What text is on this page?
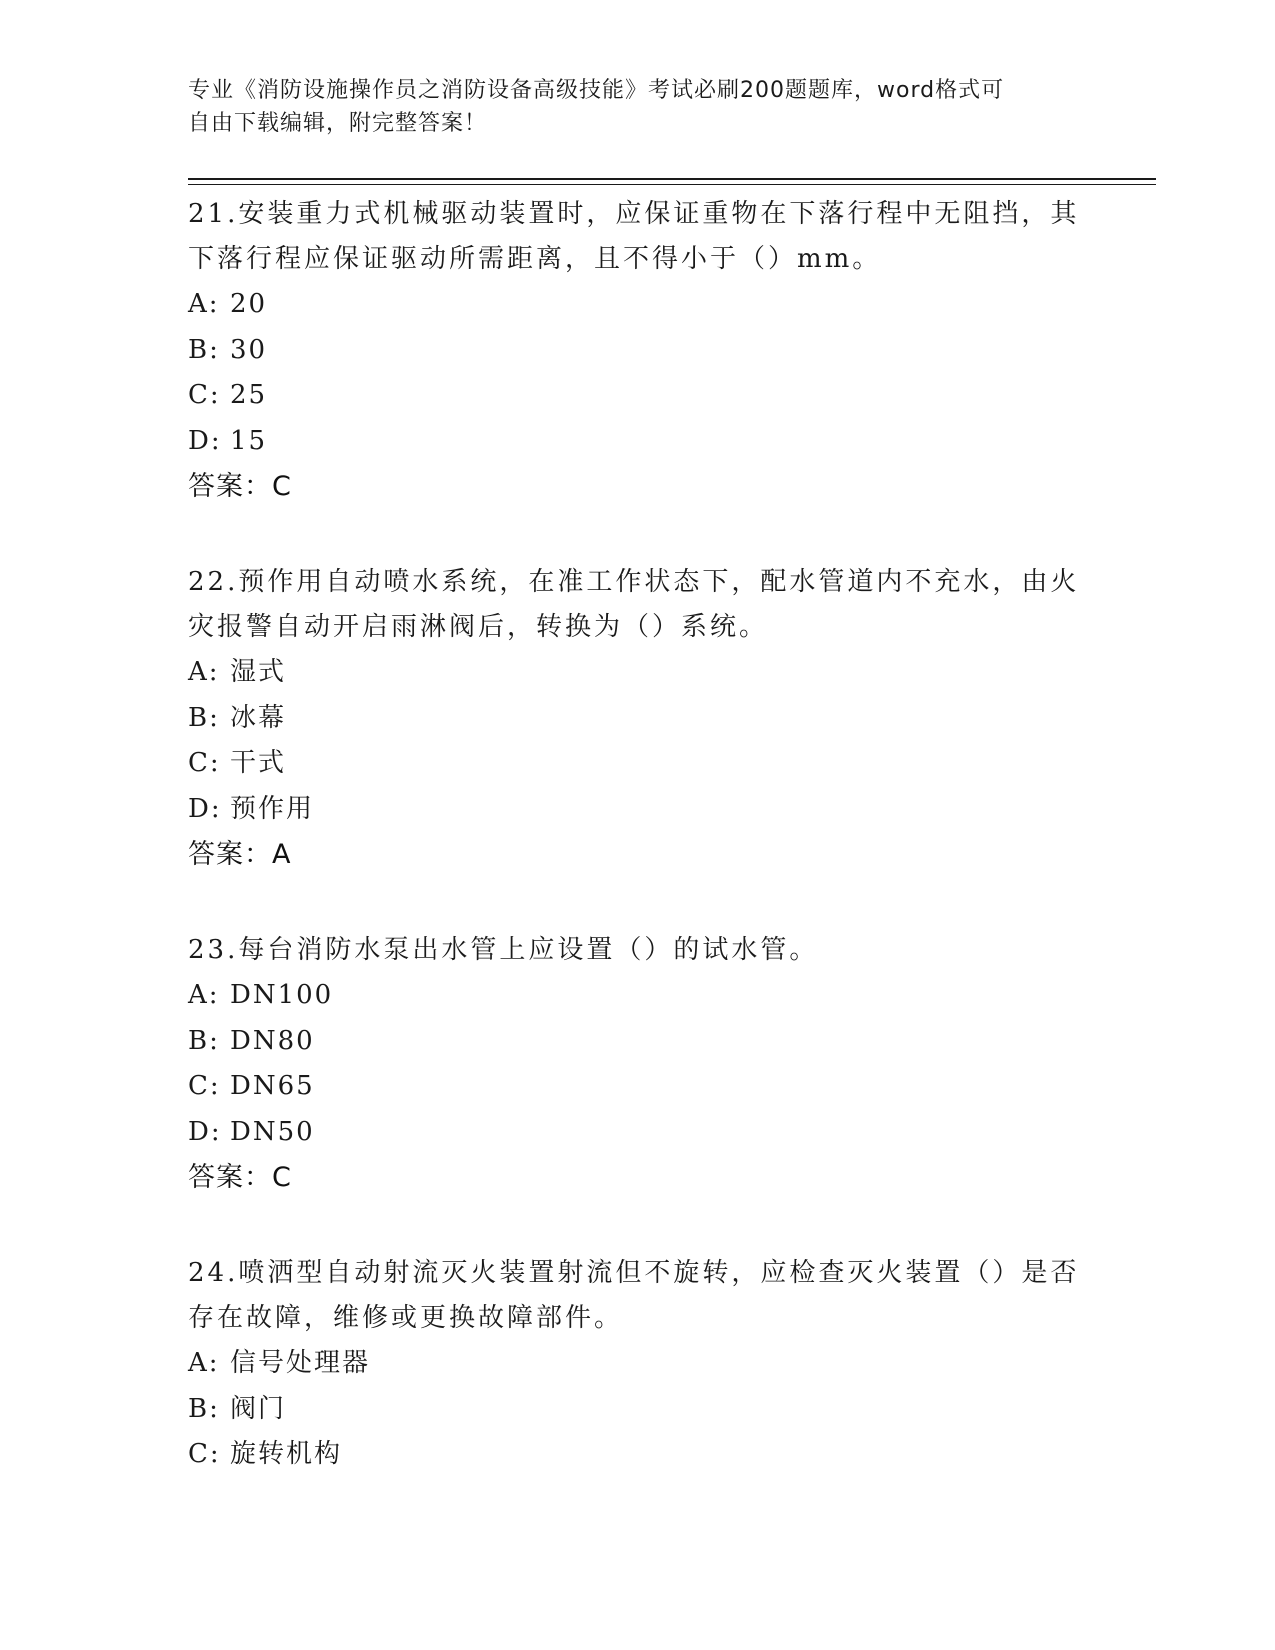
专业《消防设施操作员之消防设备高级技能》考试必刷200题题库，word格式可
自由下载编辑，附完整答案！

21.安装重力式机械驱动装置时，应保证重物在下落行程中无阻挡，其
下落行程应保证驱动所需距离，且不得小于（）mm。

A: 20

B: 30

C: 25

D: 15

答案：C

22.预作用自动喷水系统，在准工作状态下，配水管道内不充水，由火
灾报警自动开启雨淋阀后，转换为（）系统。

A: 湿式

B: 冰幕

C: 干式

D: 预作用

答案：A

23.每台消防水泵出水管上应设置（）的试水管。

A: DN100

B: DN80

C: DN65

D: DN50

答案：C

24.喷洒型自动射流灭火装置射流但不旋转，应检查灭火装置（）是否
存在故障，维修或更换故障部件。

A: 信号处理器

B: 阀门

C: 旋转机构
